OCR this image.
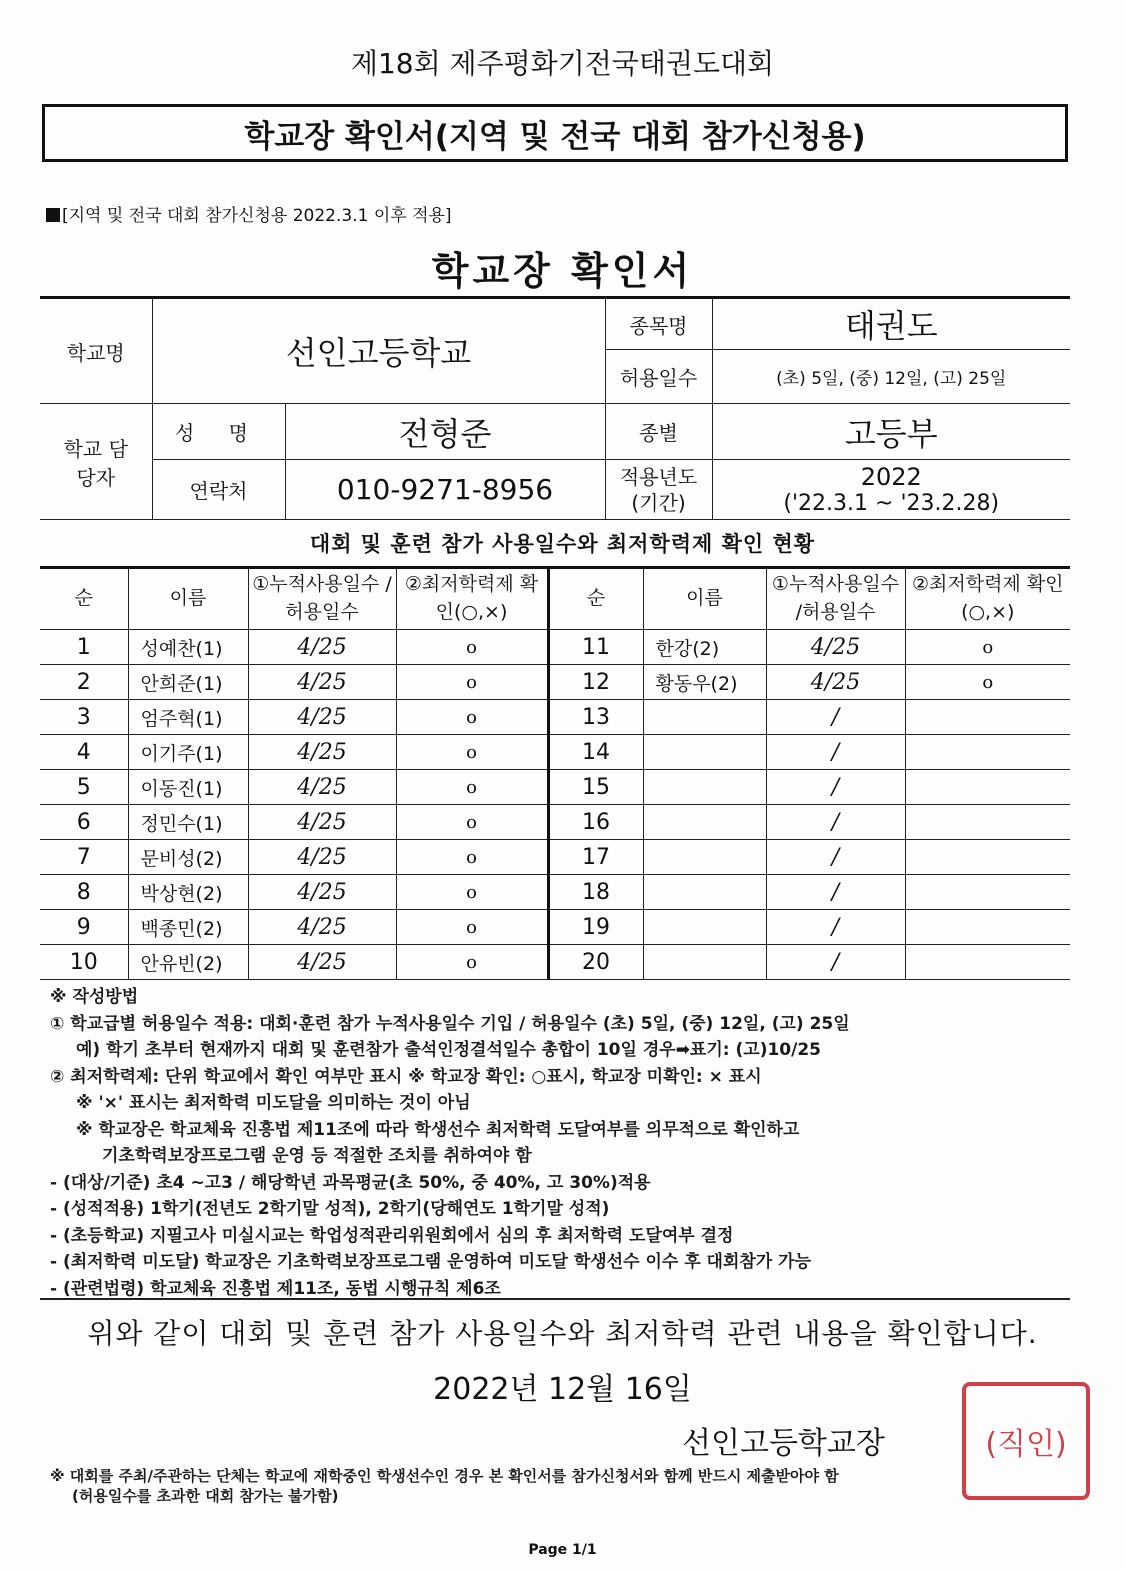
제18회 제주평화기전국태권도대회
학교장 확인서(지역 및 전국 대회 참가신청용)
[지역 및 전국 대회 참가신청용 2022.3.1 이후 적용]
학교장 확인서
학교명	선인고등학교		종목명	태권도
			허용일수	(초) 5일, (중) 12일, (고) 25일
학교 담당자	성 명	전형준	종별	고등부
	연락처	010-9271-8956	적용년도 (기간)	2022
('22.3.1 ~ '23.2.28)
대회 및 훈련 참가 사용일수와 최저학력제 확인 현황
순	이름	①누적사용일수 /허용일수	②최저학력제 확인(○,×)	순	이름	①누적사용일수 /허용일수	②최저학력제 확인(○,×)
1	성예찬(1)	4/25	o	11	한강(2)	4/25	o
2	안희준(1)	4/25	o	12	황동우(2)	4/25	o
3	엄주혁(1)	4/25	o	13		/	
4	이기주(1)	4/25	o	14		/	
5	이동진(1)	4/25	o	15		/	
6	정민수(1)	4/25	o	16		/	
7	문비성(2)	4/25	o	17		/	
8	박상현(2)	4/25	o	18		/	
9	백종민(2)	4/25	o	19		/	
10	안유빈(2)	4/25	o	20		/	
※ 작성방법
① 학교급별 허용일수 적용: 대회·훈련 참가 누적사용일수 기입 / 허용일수 (초) 5일, (중) 12일, (고) 25일
예) 학기 초부터 현재까지 대회 및 훈련참가 출석인정결석일수 총합이 10일 경우➡표기: (고)10/25
② 최저학력제: 단위 학교에서 확인 여부만 표시 ※ 학교장 확인: ○표시, 학교장 미확인: × 표시
※ '×' 표시는 최저학력 미도달을 의미하는 것이 아님
※ 학교장은 학교체육 진흥법 제11조에 따라 학생선수 최저학력 도달여부를 의무적으로 확인하고
기초학력보장프로그램 운영 등 적절한 조치를 취하여야 함
- (대상/기준) 초4 ~고3 / 해당학년 과목평균(초 50%, 중 40%, 고 30%)적용
- (성적적용) 1학기(전년도 2학기말 성적), 2학기(당해연도 1학기말 성적)
- (초등학교) 지필고사 미실시교는 학업성적관리위원회에서 심의 후 최저학력 도달여부 결정
- (최저학력 미도달) 학교장은 기초학력보장프로그램 운영하여 미도달 학생선수 이수 후 대회참가 가능
- (관련법령) 학교체육 진흥법 제11조, 동법 시행규칙 제6조
위와 같이 대회 및 훈련 참가 사용일수와 최저학력 관련 내용을 확인합니다.
2022년 12월 16일
선인고등학교장	(직인)
※ 대회를 주최/주관하는 단체는 학교에 재학중인 학생선수인 경우 본 확인서를 참가신청서와 함께 반드시 제출받아야 함
(허용일수를 초과한 대회 참가는 불가함)
Page 1/1
